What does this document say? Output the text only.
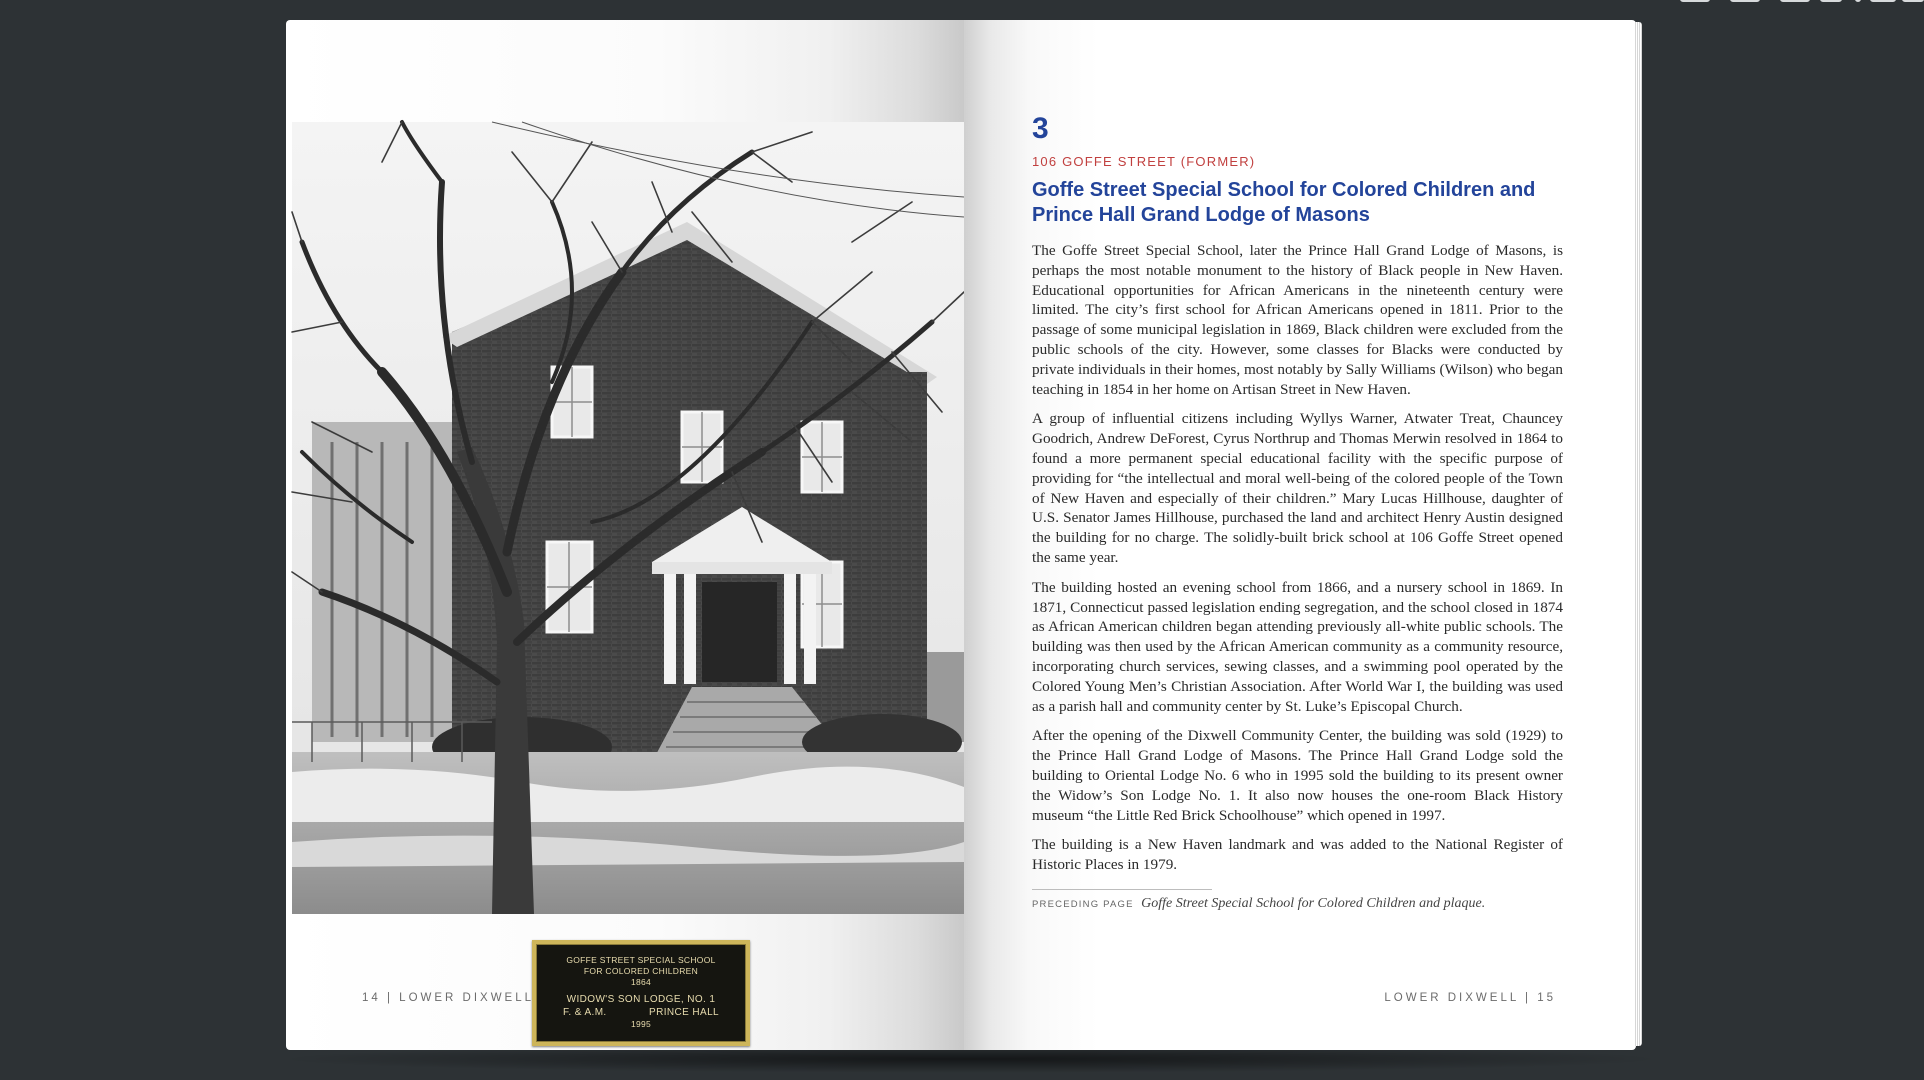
GOFFE STREET SPECIAL SCHOOL
FOR COLORED CHILDREN
1864
WIDOW'S SON LODGE, NO. 1
F. & A.M.	PRINCE HALL
1995
14 | LOWER DIXWELL	LOWER DIXWELL | 15
3
106 GOFFE STREET (FORMER)
Goffe Street Special School for Colored Children and Prince Hall Grand Lodge of Masons

The Goffe Street Special School, later the Prince Hall Grand Lodge of Masons, is perhaps the most notable monument to the history of Black people in New Haven. Educational opportunities for African Americans in the nineteenth century were limited. The city’s first school for African Americans opened in 1811. Prior to the passage of some municipal legislation in 1869, Black children were excluded from the public schools of the city. However, some classes for Blacks were conducted by private individuals in their homes, most notably by Sally Williams (Wilson) who began teaching in 1854 in her home on Artisan Street in New Haven.

A group of influential citizens including Wyllys Warner, Atwater Treat, Chauncey Goodrich, Andrew DeForest, Cyrus Northrup and Thomas Merwin resolved in 1864 to found a more permanent special educational facility with the specific purpose of providing for “the intellectual and moral well-being of the colored people of the Town of New Haven and especially of their children.” Mary Lucas Hillhouse, daughter of U.S. Senator James Hillhouse, purchased the land and architect Henry Austin designed the building for no charge. The solidly-built brick school at 106 Goffe Street opened the same year.

The building hosted an evening school from 1866, and a nursery school in 1869. In 1871, Connecticut passed legislation ending segregation, and the school closed in 1874 as African American children began attending previously all-white public schools. The building was then used by the African American community as a community resource, incorporating church services, sewing classes, and a swimming pool operated by the Colored Young Men’s Christian Association. After World War I, the building was used as a parish hall and community center by St. Luke’s Episcopal Church.

After the opening of the Dixwell Community Center, the building was sold (1929) to the Prince Hall Grand Lodge of Masons. The Prince Hall Grand Lodge sold the building to Oriental Lodge No. 6 who in 1995 sold the building to its present owner the Widow’s Son Lodge No. 1. It also now houses the one-room Black History museum “the Little Red Brick Schoolhouse” which opened in 1997.

The building is a New Haven landmark and was added to the National Register of Historic Places in 1979.

PRECEDING PAGE Goffe Street Special School for Colored Children and plaque.
